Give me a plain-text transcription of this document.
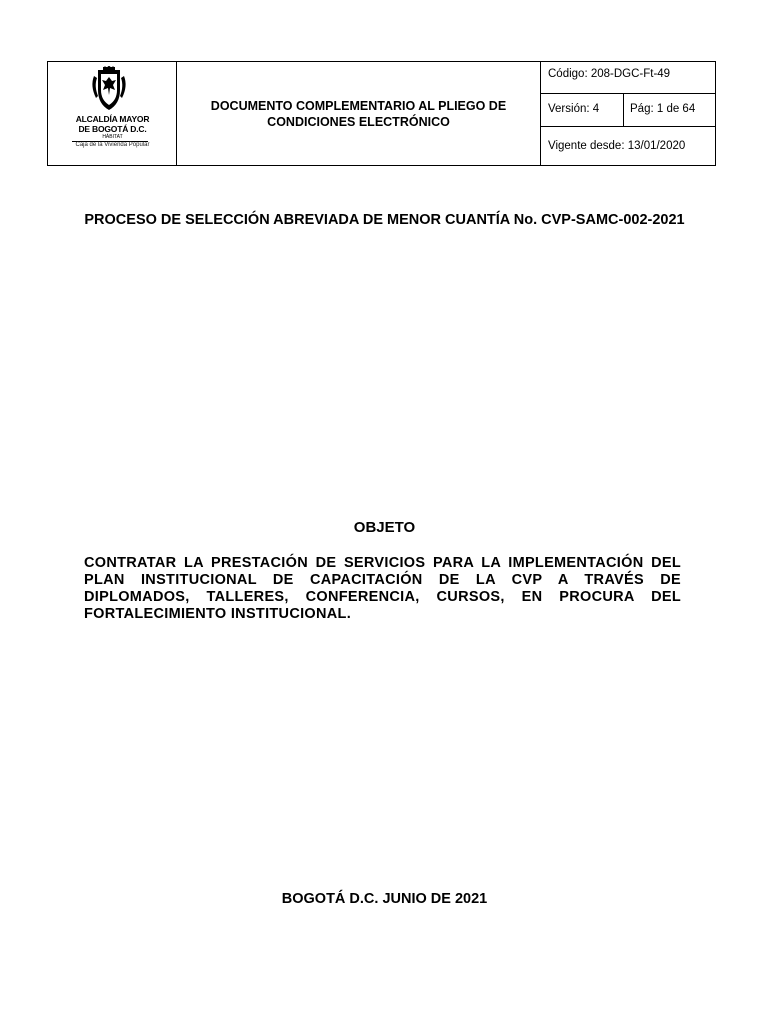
ALCALDÍA MAYOR
DE BOGOTÁ D.C.
HÁBITAT
Caja de la Vivienda Popular
DOCUMENTO COMPLEMENTARIO AL PLIEGO DE CONDICIONES ELECTRÓNICO
Código: 208-DGC-Ft-49
Versión: 4	Pág: 1 de 64
Vigente desde: 13/01/2020
PROCESO DE SELECCIÓN ABREVIADA DE MENOR CUANTÍA No. CVP-SAMC-002-2021
OBJETO
CONTRATAR LA PRESTACIÓN DE SERVICIOS PARA LA IMPLEMENTACIÓN DEL PLAN INSTITUCIONAL DE CAPACITACIÓN DE LA CVP A TRAVÉS DE DIPLOMADOS, TALLERES, CONFERENCIA, CURSOS, EN PROCURA DEL FORTALECIMIENTO INSTITUCIONAL.
BOGOTÁ D.C. JUNIO DE 2021
